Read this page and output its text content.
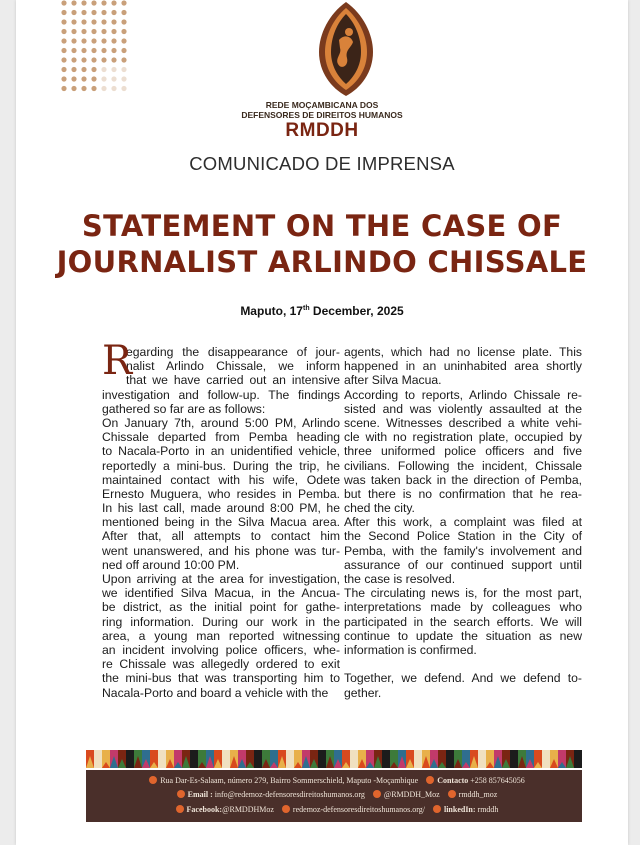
REDE MOÇAMBICANA DOS
DEFENSORES DE DIREITOS HUMANOS
RMDDH
COMUNICADO DE IMPRENSA
STATEMENT ON THE CASE OF
JOURNALIST ARLINDO CHISSALE
Maputo, 17th December, 2025
R
egarding the disappearance of jour-
nalist Arlindo Chissale, we inform
that we have carried out an intensive
investigation and follow-up. The findings
gathered so far are as follows:
On January 7th, around 5:00 PM, Arlindo
Chissale departed from Pemba heading
to Nacala-Porto in an unidentified vehicle,
reportedly a mini-bus. During the trip, he
maintained contact with his wife, Odete
Ernesto Muguera, who resides in Pemba.
In his last call, made around 8:00 PM, he
mentioned being in the Silva Macua area.
After that, all attempts to contact him
went unanswered, and his phone was tur-
ned off around 10:00 PM.
Upon arriving at the area for investigation,
we identified Silva Macua, in the Ancua-
be district, as the initial point for gathe-
ring information. During our work in the
area, a young man reported witnessing
an incident involving police officers, whe-
re Chissale was allegedly ordered to exit
the mini-bus that was transporting him to
Nacala-Porto and board a vehicle with the
agents, which had no license plate. This
happened in an uninhabited area shortly
after Silva Macua.
According to reports, Arlindo Chissale re-
sisted and was violently assaulted at the
scene. Witnesses described a white vehi-
cle with no registration plate, occupied by
three uniformed police officers and five
civilians. Following the incident, Chissale
was taken back in the direction of Pemba,
but there is no confirmation that he rea-
ched the city.
After this work, a complaint was filed at
the Second Police Station in the City of
Pemba, with the family's involvement and
assurance of our continued support until
the case is resolved.
The circulating news is, for the most part,
interpretations made by colleagues who
participated in the search efforts. We will
continue to update the situation as new
information is confirmed.
Together, we defend. And we defend to-
gether.
Rua Dar-Es-Salaam, número 279, Bairro Sommerschield, Maputo -Moçambique Contacto +258 857645056
Email : info@redemoz-defensoresdireitoshumanos.org @RMDDH_Moz rmddh_moz
Facebook:@RMDDHMoz redemoz-defensoresdireitoshumanos.org/ linkedIn: rmddh
